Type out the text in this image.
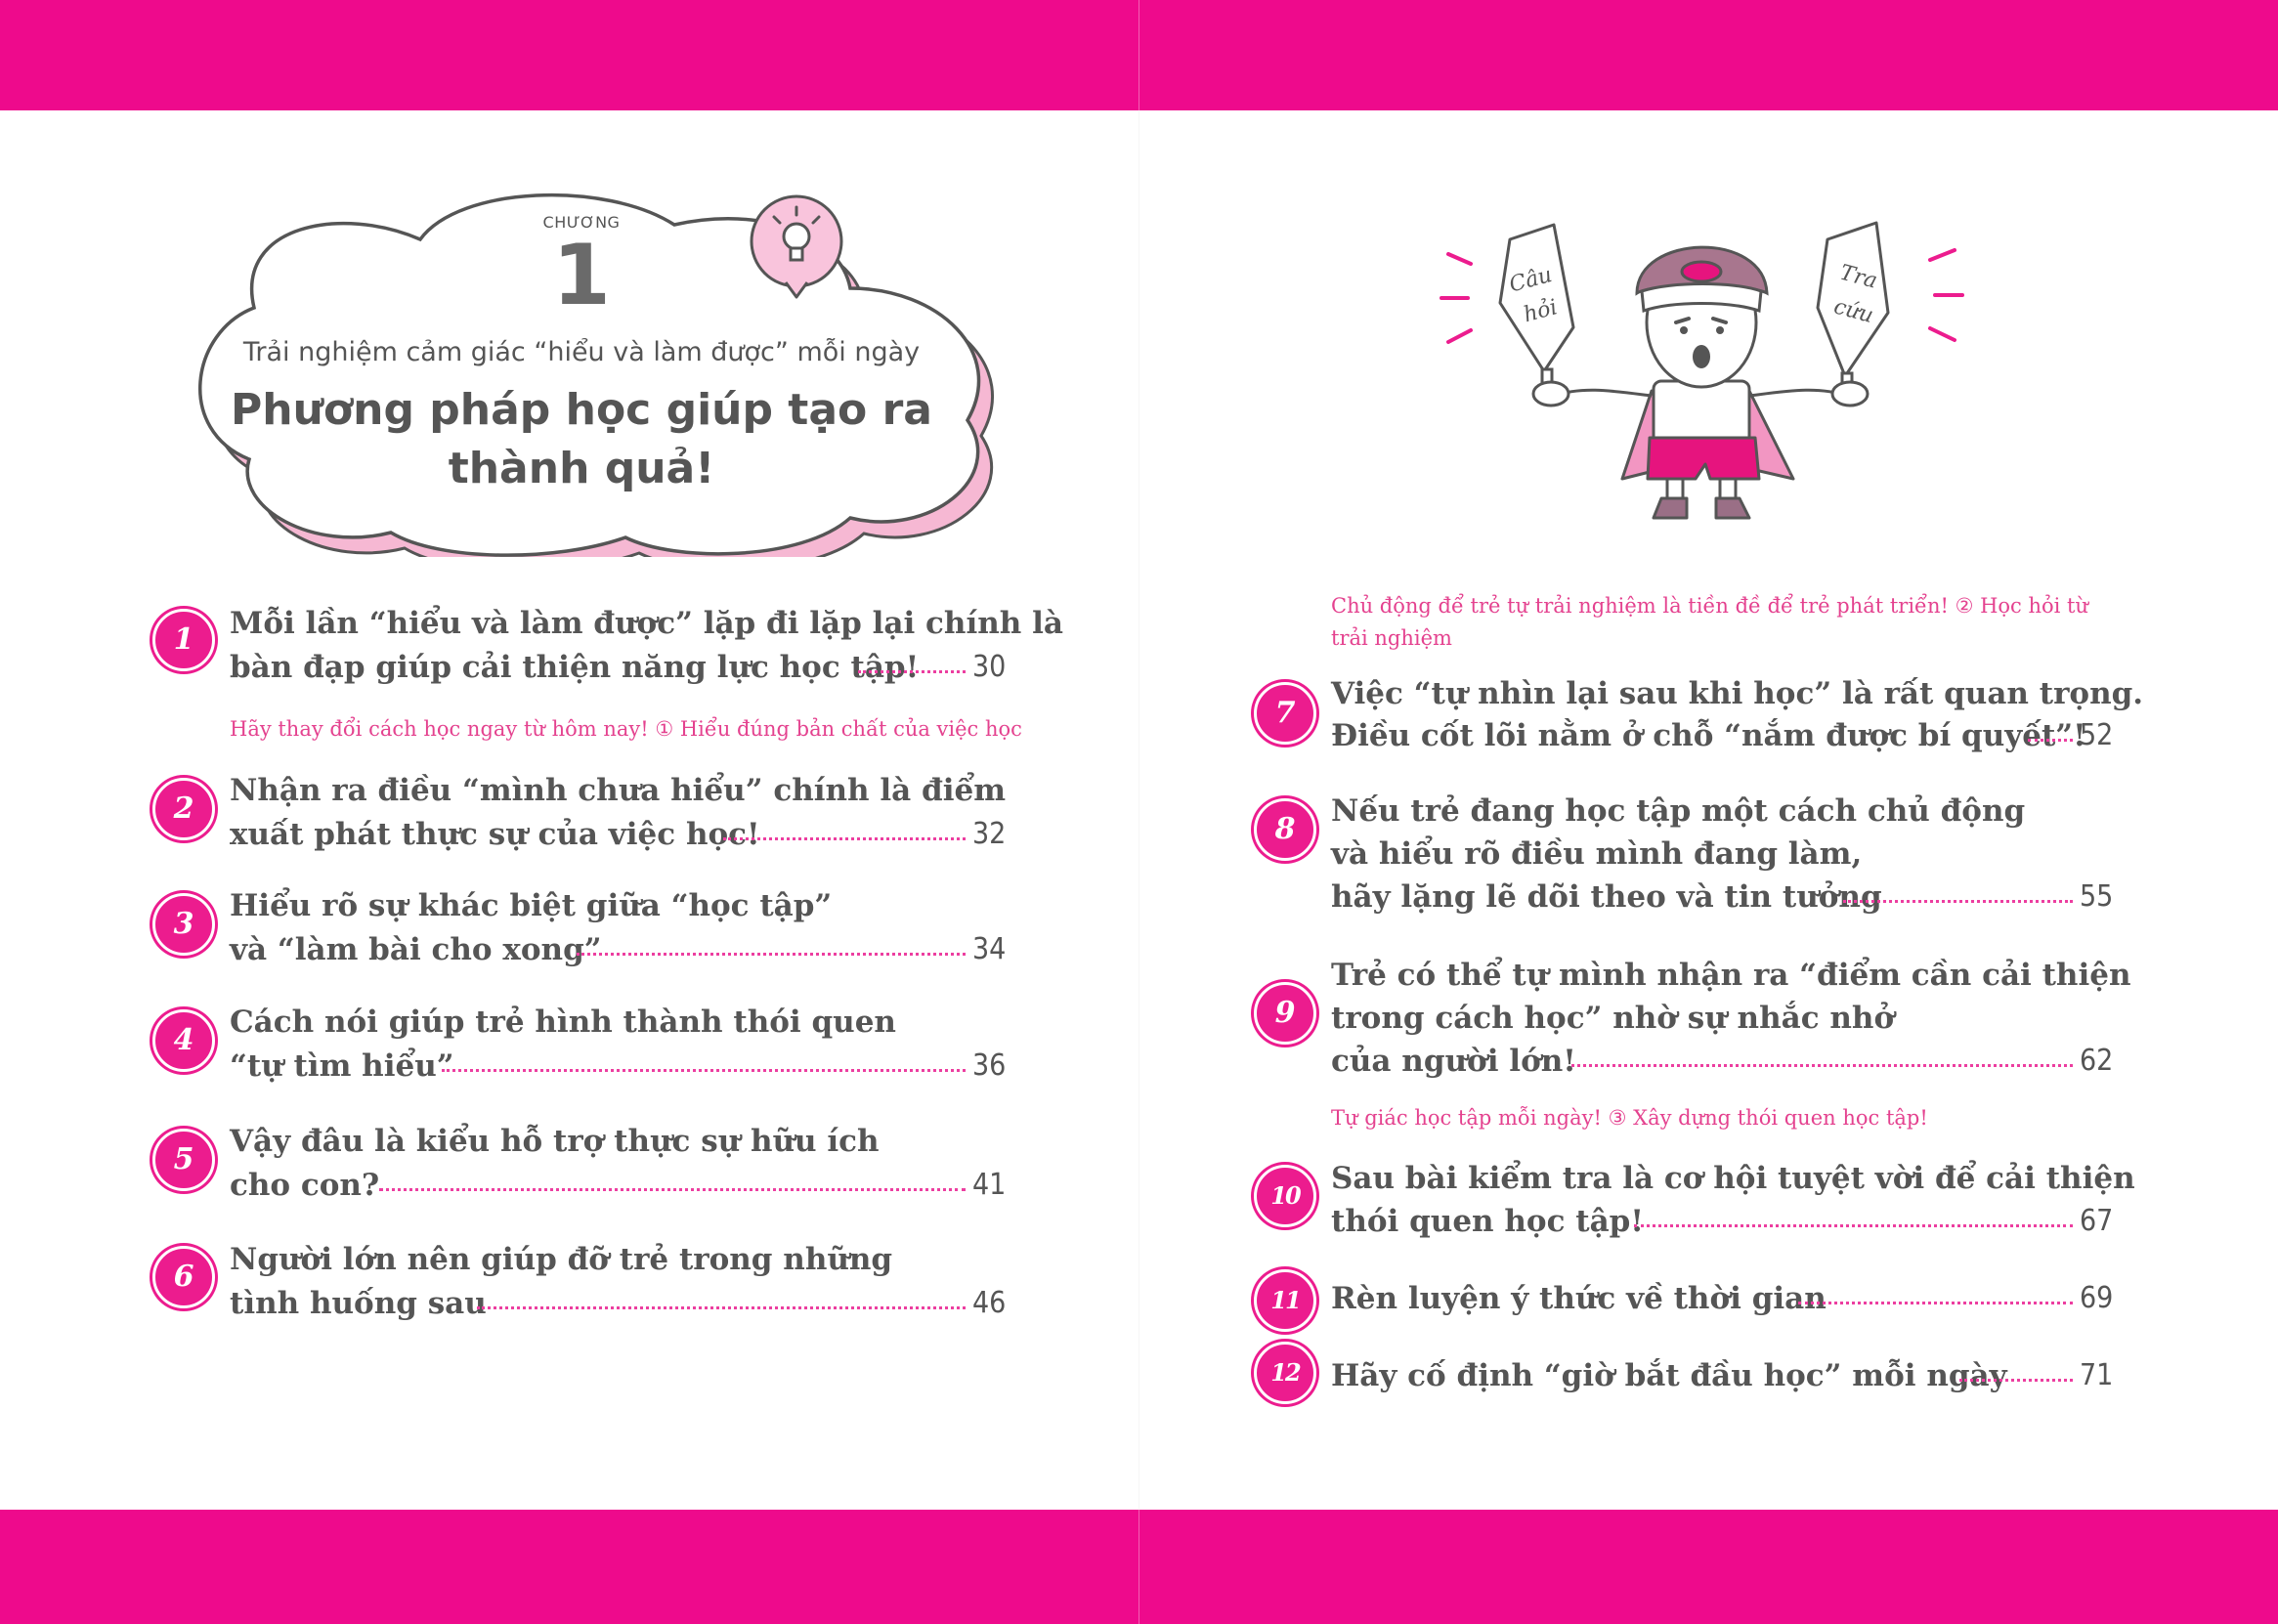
CHƯƠNG
1
Trải nghiệm cảm giác “hiểu và làm được” mỗi ngày
Phương pháp học giúp tạo ra
thành quả!
Câu
hỏi
Tra
cứu
Hãy thay đổi cách học ngay từ hôm nay! ① Hiểu đúng bản chất của việc học
Chủ động để trẻ tự trải nghiệm là tiền đề để trẻ phát triển! ② Học hỏi từ
trải nghiệm
Tự giác học tập mỗi ngày! ③ Xây dựng thói quen học tập!
1	Mỗi lần “hiểu và làm được” lặp đi lặp lại chính là
bàn đạp giúp cải thiện năng lực học tập! 30
2
Nhận ra điều “mình chưa hiểu” chính là điểm
xuất phát thực sự của việc học!	32
3
Hiểu rõ sự khác biệt giữa “học tập”
và “làm bài cho xong”	34
4
Cách nói giúp trẻ hình thành thói quen
“tự tìm hiểu”	36
5
Vậy đâu là kiểu hỗ trợ thực sự hữu ích
cho con?	41
6	Người lớn nên giúp đỡ trẻ trong những
tình huống sau	46
7
Việc “tự nhìn lại sau khi học” là rất quan trọng.
Điều cốt lõi nằm ở chỗ “nắm được bí quyết”!
52
8
Nếu trẻ đang học tập một cách chủ động
và hiểu rõ điều mình đang làm,
hãy lặng lẽ dõi theo và tin tưởng	55
9
Trẻ có thể tự mình nhận ra “điểm cần cải thiện
trong cách học” nhờ sự nhắc nhở
của người lớn!	62
10	Sau bài kiểm tra là cơ hội tuyệt vời để cải thiện
thói quen học tập!	67
11	Rèn luyện ý thức về thời gian	69
12	Hãy cố định “giờ bắt đầu học” mỗi ngày 71
